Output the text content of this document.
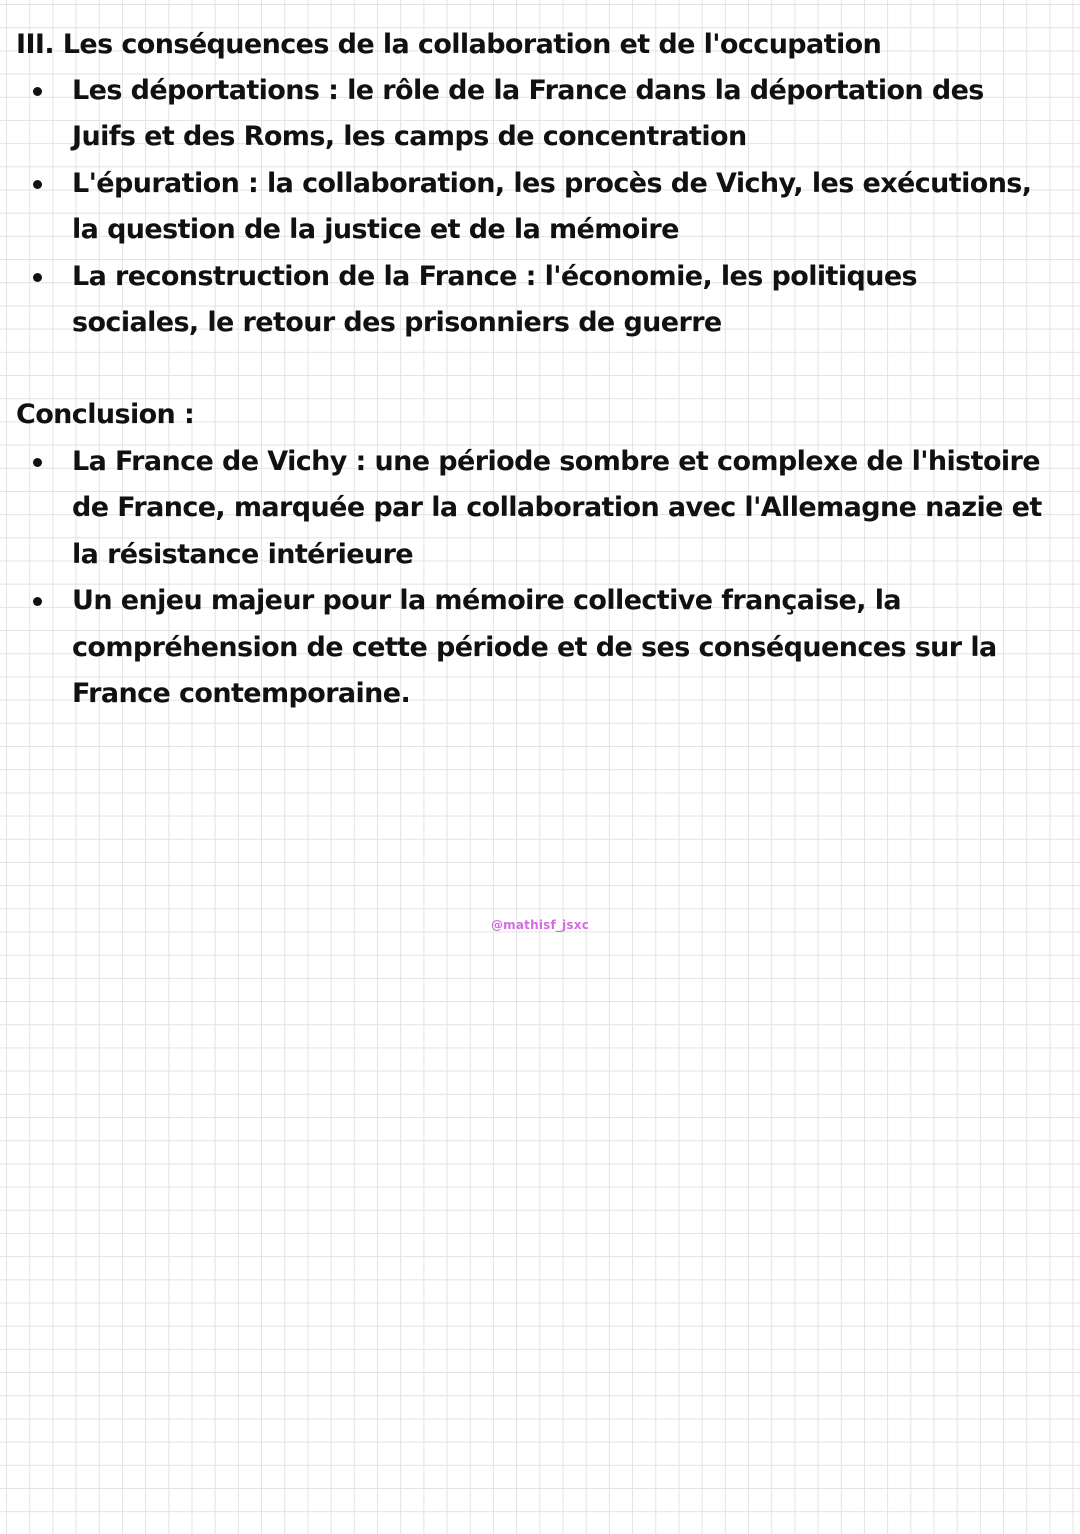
III. Les conséquences de la collaboration et de l'occupation
Les déportations : le rôle de la France dans la déportation des Juifs et des Roms, les camps de concentration
L'épuration : la collaboration, les procès de Vichy, les exécutions, la question de la justice et de la mémoire
La reconstruction de la France : l'économie, les politiques sociales, le retour des prisonniers de guerre
Conclusion :
La France de Vichy : une période sombre et complexe de l'histoire de France, marquée par la collaboration avec l'Allemagne nazie et la résistance intérieure
Un enjeu majeur pour la mémoire collective française, la compréhension de cette période et de ses conséquences sur la France contemporaine.
@mathisf_jsxc
